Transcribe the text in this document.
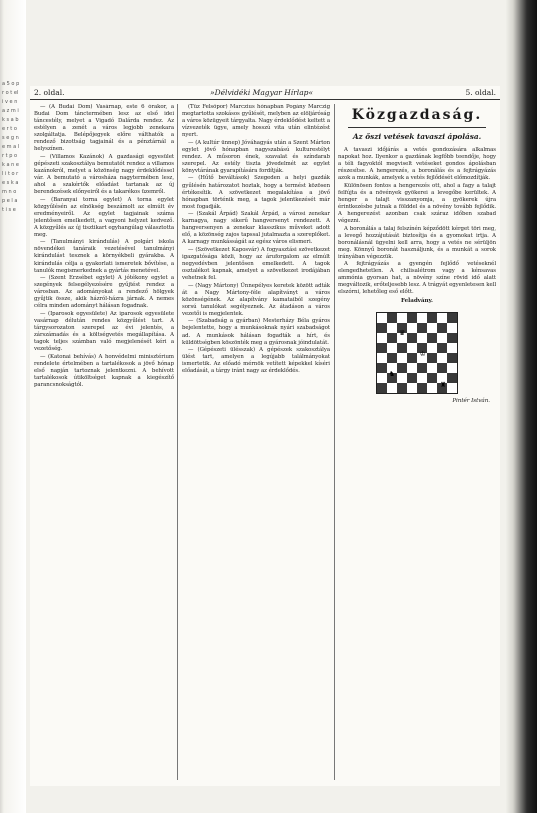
a 5 o p r o t el i v e n a z m i k s a b e r t o s e g n e m a l r t p o k a n e l i t o r e s k a m n o p e l a t i s e
2. oldal.	»Délvidéki Magyar Hírlap«	5. oldal.

— (A Budai Dom) Vasárnap, este 6 órakor, a Budai Dom tánctermében lesz az első idei táncestély, melyet a Vigadó Dalárda rendez. Az estélyen a zenét a város legjobb zenekara szolgáltatja. Belépőjegyek előre válthatók a rendező bizottság tagjainál és a pénztárnál a helyszínen.

— (Villamos Kazánok) A gazdasági egyesület gépészeti szakosztálya bemutatót rendez a villamos kazánokról, melyet a közönség nagy érdeklődéssel vár. A bemutató a városháza nagytermében lesz, ahol a szakértők előadást tartanak az új berendezések előnyeiről és a takarékos üzemről.

— (Baranyai torna egylet) A torna egylet közgyűlésén az elnökség beszámolt az elmúlt év eredményeiről. Az egylet tagjainak száma jelentősen emelkedett, a vagyoni helyzet kedvező. A közgyűlés az új tisztikart egyhangúlag választotta meg.

— (Tanulmányi kirándulás) A polgári iskola növendékei tanáraik vezetésével tanulmányi kirándulást tesznek a környékbeli gyárakba. A kirándulás célja a gyakorlati ismeretek bővítése, a tanulók megismerkednek a gyártás menetével.

— (Szent Erzsébet egylet) A jótékony egylet a szegények felsegélyezésére gyűjtést rendez a városban. Az adományokat a rendező hölgyek gyűjtik össze, akik házról-házra járnak. A nemes célra minden adományt hálásan fogadnak.

— (Iparosok egyesülete) Az iparosok egyesülete vasárnap délután rendes közgyűlést tart. A tárgysorozaton szerepel az évi jelentés, a zárszámadás és a költségvetés megállapítása. A tagok teljes számban való megjelenését kéri a vezetőség.

— (Katonai behívás) A honvédelmi minisztérium rendelete értelmében a tartalékosok a jövő hónap első napján tartoznak jelentkezni. A behívott tartalékosok útiköltséget kapnak a kiegészítő parancsnokságtól.

(Tűz Felsőpor) Marczius hónapban Pogány Marczig megtartotta szokásos gyűlését, melyben az elöljáróság a város közügyeit tárgyalta. Nagy érdeklődést keltett a vízvezeték ügye, amely hosszú vita után elintézést nyert.

— (A kultúr ünnep) Jóváhagyás után a Szent Márton egylet jövő hónapban nagyszabású kulturestélyt rendez. A műsoron ének, szavalat és színdarab szerepel. Az estély tiszta jövedelmét az egylet könyvtárának gyarapítására fordítják.

— (Hűtő beváltások) Szegeden a helyi gazdák gyűlésén határozatot hoztak, hogy a termést közösen értékesítik. A szövetkezet megalakítása a jövő hónapban történik meg, a tagok jelentkezését már most fogadják.

— (Szakál Árpád) Szakál Árpád, a városi zenekar karnagya, nagy sikerű hangversenyt rendezett. A hangversenyen a zenekar klasszikus műveket adott elő, a közönség zajos tapssal jutalmazta a szereplőket. A karnagy munkásságát az egész város elismeri.

— (Szövetkezet Kaposvár) A fogyasztási szövetkezet igazgatósága közli, hogy az áruforgalom az elmúlt negyedévben jelentősen emelkedett. A tagok osztalékot kapnak, amelyet a szövetkezet irodájában vehetnek fel.

— (Nagy Mártony) Ünnepélyes keretek között adták át a Nagy Mártony-féle alapítványt a város közönségének. Az alapítvány kamataiból szegény sorsú tanulókat segélyeznek. Az átadáson a város vezetői is megjelentek.

— (Szabadság a gyárban) Mesterházy Béla gyáros bejelentette, hogy a munkásoknak nyári szabadságot ad. A munkások hálásan fogadták a hírt, és küldöttségben köszönték meg a gyárosnak jóindulatát.

— (Gépészeti ülésszak) A gépészek szakosztálya ülést tart, amelyen a legújabb találmányokat ismertetik. Az előadó mérnök vetített képekkel kíséri előadását, a tárgy iránt nagy az érdeklődés.

Közgazdaság.
Az őszi vetések tavaszi ápolása.

A tavaszi időjárás a vetés gondozására alkalmas napokat hoz. Ilyenkor a gazdának legfőbb teendője, hogy a téli fagyoktól megviselt vetéseket gondos ápolásban részesítse. A hengerezés, a boronálás és a fejtrágyázás azok a munkák, amelyek a vetés fejlődését előmozdítják.

Különösen fontos a hengerezés ott, ahol a fagy a talajt felfújta és a növények gyökerei a levegőbe kerültek. A henger a talajt visszanyomja, a gyökerek újra érintkezésbe jutnak a földdel és a növény tovább fejlődik. A hengerezést azonban csak száraz időben szabad végezni.

A boronálás a talaj felszínén képződött kérget töri meg, a levegő hozzájutását biztosítja és a gyomokat irtja. A boronálásnál ügyelni kell arra, hogy a vetés ne sérüljön meg. Könnyű boronát használjunk, és a munkát a sorok irányában végezzük.

A fejtrágyázás a gyengén fejlődő vetéseknél elengedhetetlen. A chilisalétrom vagy a kénsavas ammónia gyorsan hat, a növény színe rövid idő alatt megváltozik, erőteljesebb lesz. A trágyát egyenletesen kell elszórni, lehetőleg eső előtt.

Feladvány.
♔
♛
♜
♞
Pintér István.
